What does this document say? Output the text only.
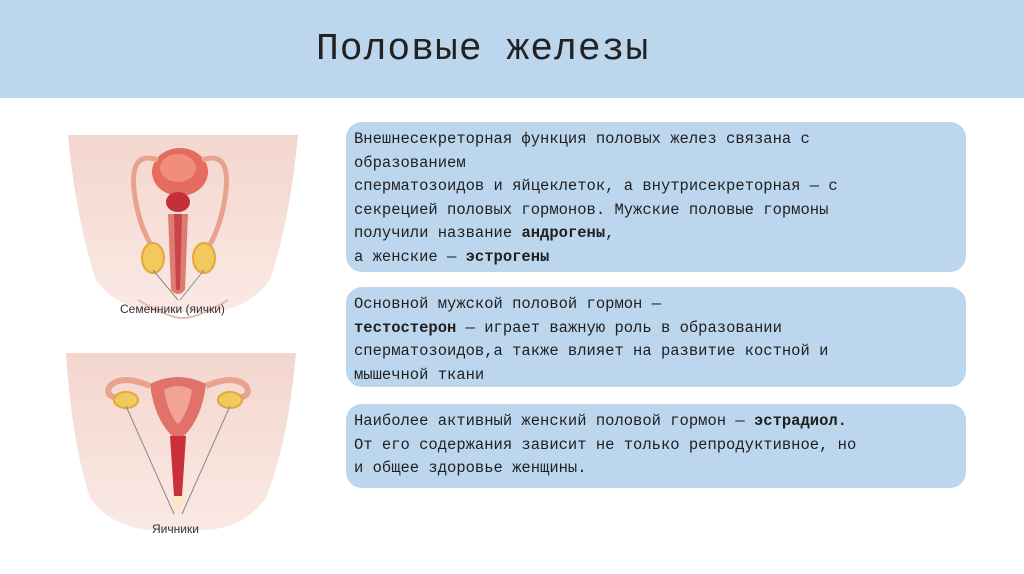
Половые железы
Семенники (яички)
Яичники
Внешнесекреторная функция половых желез связана с
образованием
сперматозоидов и яйцеклеток, а внутрисекреторная — с
секрецией половых гормонов. Мужские половые гормоны
получили название андрогены,
а женские — эстрогены
Основной мужской половой гормон —
тестостерон — играет важную роль в образовании
сперматозоидов,а также влияет на развитие костной и
мышечной ткани
Наиболее активный женский половой гормон — эстрадиол.
От его содержания зависит не только репродуктивное, но
и общее здоровье женщины.
